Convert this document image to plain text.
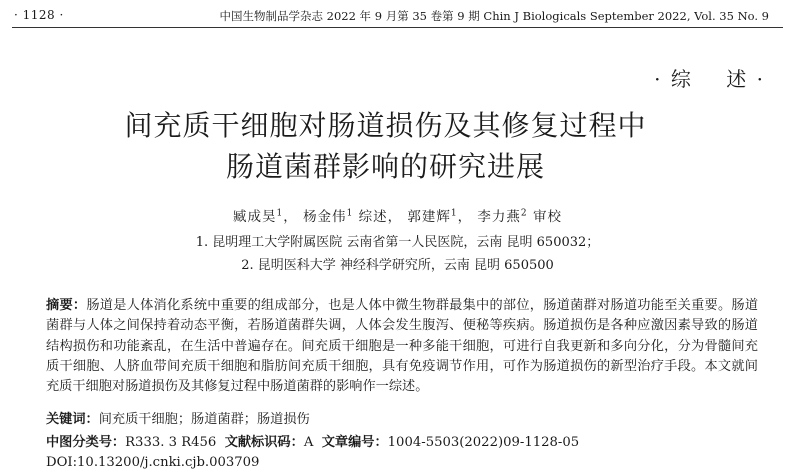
· 1128 ·	中国生物制品学杂志 2022 年 9 月第 35 卷第 9 期 Chin J Biologicals September 2022, Vol. 35 No. 9
· 综    述 ·
间充质干细胞对肠道损伤及其修复过程中
肠道菌群影响的研究进展
臧成昊$^1$， 杨金伟$^1$ 综述， 郭建辉$^1$， 李力燕$^2$ 审校
1. 昆明理工大学附属医院 云南省第一人民医院，云南 昆明 650032；
2. 昆明医科大学 神经科学研究所，云南 昆明 650500
摘要：肠道是人体消化系统中重要的组成部分，也是人体中微生物群最集中的部位，肠道菌群对肠道功能至关重要。肠道菌群与人体之间保持着动态平衡，若肠道菌群失调，人体会发生腹泻、便秘等疾病。肠道损伤是各种应激因素导致的肠道结构损伤和功能紊乱，在生活中普遍存在。间充质干细胞是一种多能干细胞，可进行自我更新和多向分化，分为骨髓间充质干细胞、人脐血带间充质干细胞和脂肪间充质干细胞，具有免疫调节作用，可作为肠道损伤的新型治疗手段。本文就间充质干细胞对肠道损伤及其修复过程中肠道菌群的影响作一综述。
关键词：间充质干细胞；肠道菌群；肠道损伤
中图分类号：R333. 3 R456 文献标识码：A 文章编号：1004-5503(2022)09-1128-05
DOI:10.13200/j.cnki.cjb.003709
